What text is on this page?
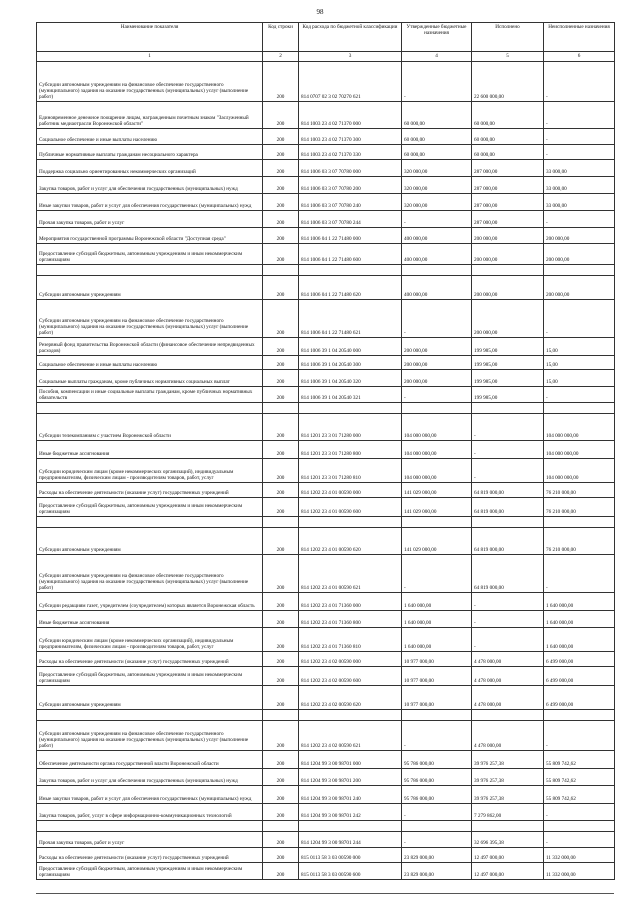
98
Наименование показателя	Код строки	Код расхода по бюджетной классификации	Утвержденные бюджетные назначения	Исполнено	Неисполненные назначения
1	2	3	4	5	6
Субсидии автономным учреждениям на финансовое обеспечение государственного (муниципального) задания на оказание государственных (муниципальных) услуг (выполнение работ)	200	814 0707 02 3 02 70270 621	-	22 600 000,00	-
Единовременное денежное поощрение лицам, награжденным почетным знаком "Заслуженный работник медиаотрасли Воронежской области"	200	814 1003 23 4 02 71370 000	60 000,00	60 000,00	-
Социальное обеспечение и иные выплаты населению	200	814 1003 23 4 02 71370 300	60 000,00	60 000,00	-
Публичные нормативные выплаты гражданам несоциального характера	200	814 1003 23 4 02 71370 330	60 000,00	60 000,00	-
Поддержка социально ориентированных некоммерческих организаций	200	814 1006 03 3 07 70780 000	320 000,00	287 000,00	33 000,00
Закупка товаров, работ и услуг для обеспечения государственных (муниципальных) нужд	200	814 1006 03 3 07 70780 200	320 000,00	287 000,00	33 000,00
Иные закупки товаров, работ и услуг для обеспечения государственных (муниципальных) нужд	200	814 1006 03 3 07 70780 240	320 000,00	287 000,00	33 000,00
Прочая закупка товаров, работ и услуг	200	814 1006 03 3 07 70780 244	-	287 000,00	-
Мероприятия государственной программы Воронежской области "Доступная среда"	200	814 1006 04 1 22 71480 000	400 000,00	200 000,00	200 000,00
Предоставление субсидий бюджетным, автономным учреждениям и иным некоммерческим организациям	200	814 1006 04 1 22 71480 600	400 000,00	200 000,00	200 000,00

Субсидии автономным учреждениям	200	814 1006 04 1 22 71480 620	400 000,00	200 000,00	200 000,00
Субсидии автономным учреждениям на финансовое обеспечение государственного (муниципального) задания на оказание государственных (муниципальных) услуг (выполнение работ)	200	814 1006 04 1 22 71480 621	-	200 000,00	-
Резервный фонд правительства Воронежской области (финансовое обеспечение непредвиденных расходов)	200	814 1006 39 1 04 20540 000	200 000,00	199 985,00	15,00
Социальное обеспечение и иные выплаты населению	200	814 1006 39 1 04 20540 300	200 000,00	199 985,00	15,00
Социальные выплаты гражданам, кроме публичных нормативных социальных выплат	200	814 1006 39 1 04 20540 320	200 000,00	199 985,00	15,00
Пособия, компенсации и иные социальные выплаты гражданам, кроме публичных нормативных обязательств	200	814 1006 39 1 04 20540 321	-	199 985,00	-

Субсидии телекомпаниям с участием Воронежской области	200	814 1201 23 3 01 71280 000	104 000 000,00	-	104 000 000,00
Иные бюджетные ассигнования	200	814 1201 23 3 01 71280 800	104 000 000,00	-	104 000 000,00
Субсидии юридическим лицам (кроме некоммерческих организаций), индивидуальным предпринимателям, физическим лицам - производителям товаров, работ, услуг	200	814 1201 23 3 01 71280 810	104 000 000,00	-	104 000 000,00
Расходы на обеспечение деятельности (оказание услуг) государственных учреждений	200	814 1202 23 4 01 00590 000	141 029 000,00	64 819 000,00	76 210 000,00
Предоставление субсидий бюджетным, автономным учреждениям и иным некоммерческим организациям	200	814 1202 23 4 01 00590 600	141 029 000,00	64 819 000,00	76 210 000,00

Субсидии автономным учреждениям	200	814 1202 23 4 01 00590 620	141 029 000,00	64 819 000,00	76 210 000,00
Субсидии автономным учреждениям на финансовое обеспечение государственного (муниципального) задания на оказание государственных (муниципальных) услуг (выполнение работ)	200	814 1202 23 4 01 00590 621	-	64 819 000,00	-
Субсидии редакциям газет, учредителем (соучредителем) которых является Воронежская область	200	814 1202 23 4 01 71360 000	1 640 000,00	-	1 640 000,00
Иные бюджетные ассигнования	200	814 1202 23 4 01 71360 800	1 640 000,00	-	1 640 000,00
Субсидии юридическим лицам (кроме некоммерческих организаций), индивидуальным предпринимателям, физическим лицам - производителям товаров, работ, услуг	200	814 1202 23 4 01 71360 810	1 640 000,00	-	1 640 000,00
Расходы на обеспечение деятельности (оказание услуг) государственных учреждений	200	814 1202 23 4 02 00590 000	10 977 000,00	4 478 000,00	6 499 000,00
Предоставление субсидий бюджетным, автономным учреждениям и иным некоммерческим организациям	200	814 1202 23 4 02 00590 600	10 977 000,00	4 478 000,00	6 499 000,00
Субсидии автономным учреждениям	200	814 1202 23 4 02 00590 620	10 977 000,00	4 478 000,00	6 499 000,00

Субсидии автономным учреждениям на финансовое обеспечение государственного (муниципального) задания на оказание государственных (муниципальных) услуг (выполнение работ)	200	814 1202 23 4 02 00590 621	-	4 478 000,00	-
Обеспечение деятельности органа государственной власти Воронежской области	200	814 1204 99 3 00 98701 000	95 786 000,00	39 976 257,38	55 809 742,62
Закупка товаров, работ и услуг для обеспечения государственных (муниципальных) нужд	200	814 1204 99 3 00 98701 200	95 786 000,00	39 976 257,38	55 809 742,62
Иные закупки товаров, работ и услуг для обеспечения государственных (муниципальных) нужд	200	814 1204 99 3 00 98701 240	95 786 000,00	39 976 257,38	55 809 742,62
Закупка товаров, работ, услуг в сфере информационно-коммуникационных технологий	200	814 1204 99 3 00 98701 242	-	7 279 862,00	-

Прочая закупка товаров, работ и услуг	200	814 1204 99 3 00 98701 244	-	32 696 395,38	-
Расходы на обеспечение деятельности (оказание услуг) государственных учреждений	200	815 0113 58 3 03 00590 000	23 829 000,00	12 497 000,00	11 332 000,00
Предоставление субсидий бюджетным, автономным учреждениям и иным некоммерческим организациям	200	815 0113 58 3 03 00590 600	23 829 000,00	12 497 000,00	11 332 000,00
